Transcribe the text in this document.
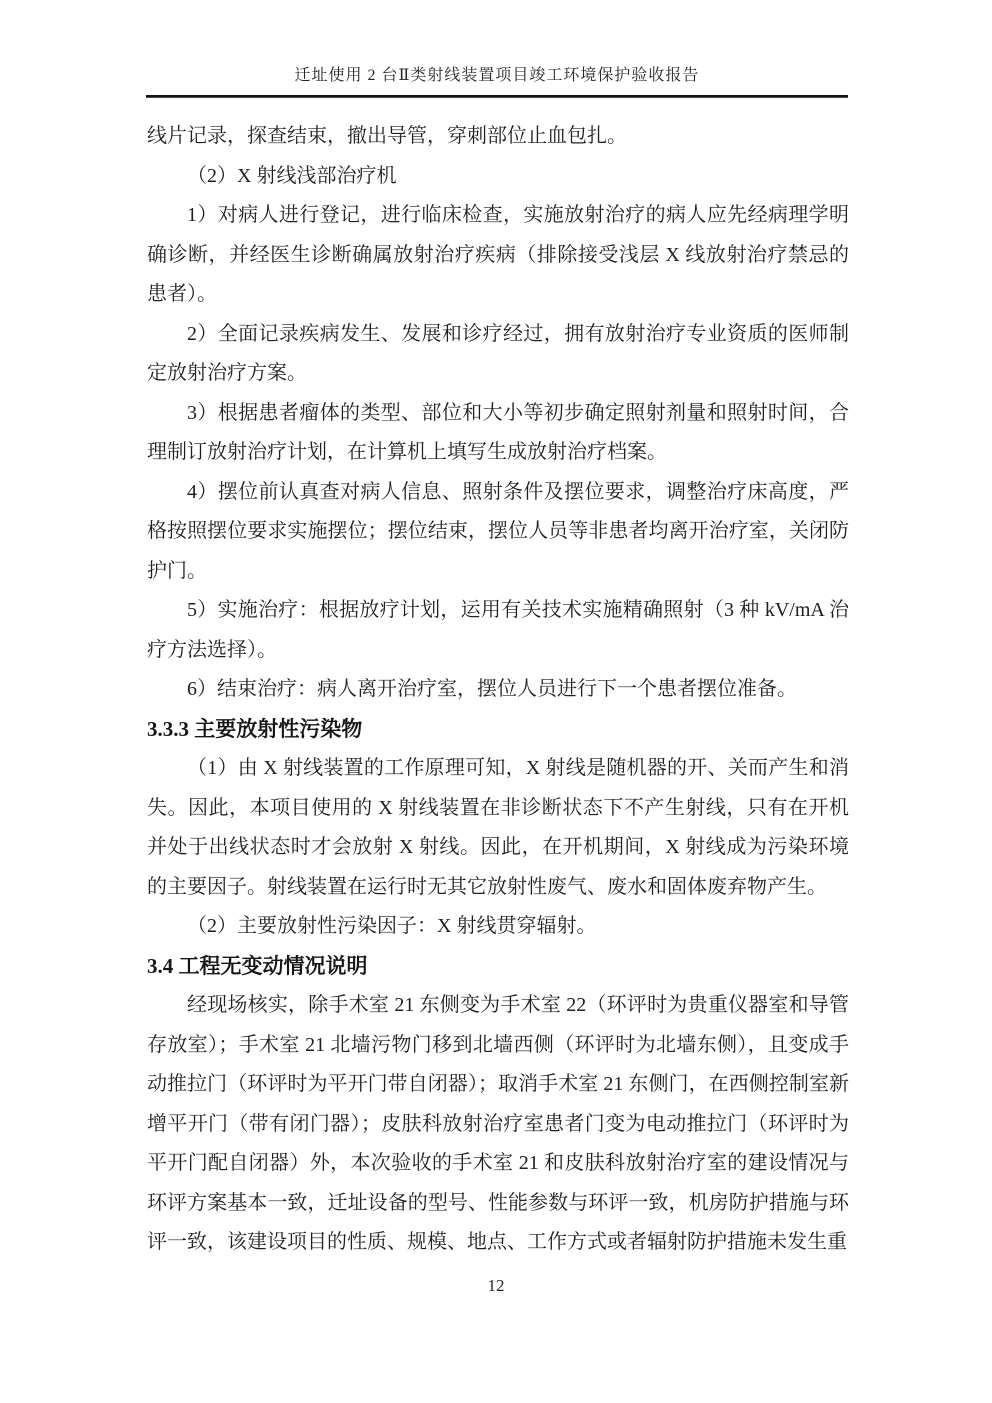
迁址使用 2 台Ⅱ类射线装置项目竣工环境保护验收报告

线片记录，探查结束，撤出导管，穿刺部位止血包扎。

（2）X 射线浅部治疗机

1）对病人进行登记，进行临床检查，实施放射治疗的病人应先经病理学明确诊断，并经医生诊断确属放射治疗疾病（排除接受浅层 X 线放射治疗禁忌的患者）。

2）全面记录疾病发生、发展和诊疗经过，拥有放射治疗专业资质的医师制定放射治疗方案。

3）根据患者瘤体的类型、部位和大小等初步确定照射剂量和照射时间，合理制订放射治疗计划，在计算机上填写生成放射治疗档案。

4）摆位前认真查对病人信息、照射条件及摆位要求，调整治疗床高度，严格按照摆位要求实施摆位；摆位结束，摆位人员等非患者均离开治疗室，关闭防护门。

5）实施治疗：根据放疗计划，运用有关技术实施精确照射（3 种 kV/mA 治疗方法选择）。

6）结束治疗：病人离开治疗室，摆位人员进行下一个患者摆位准备。

3.3.3 主要放射性污染物

（1）由 X 射线装置的工作原理可知，X 射线是随机器的开、关而产生和消失。因此，本项目使用的 X 射线装置在非诊断状态下不产生射线，只有在开机并处于出线状态时才会放射 X 射线。因此，在开机期间，X 射线成为污染环境的主要因子。射线装置在运行时无其它放射性废气、废水和固体废弃物产生。

（2）主要放射性污染因子：X 射线贯穿辐射。

3.4 工程无变动情况说明

经现场核实，除手术室 21 东侧变为手术室 22（环评时为贵重仪器室和导管存放室）；手术室 21 北墙污物门移到北墙西侧（环评时为北墙东侧），且变成手动推拉门（环评时为平开门带自闭器）；取消手术室 21 东侧门，在西侧控制室新增平开门（带有闭门器）；皮肤科放射治疗室患者门变为电动推拉门（环评时为平开门配自闭器）外，本次验收的手术室 21 和皮肤科放射治疗室的建设情况与环评方案基本一致，迁址设备的型号、性能参数与环评一致，机房防护措施与环评一致，该建设项目的性质、规模、地点、工作方式或者辐射防护措施未发生重

12
